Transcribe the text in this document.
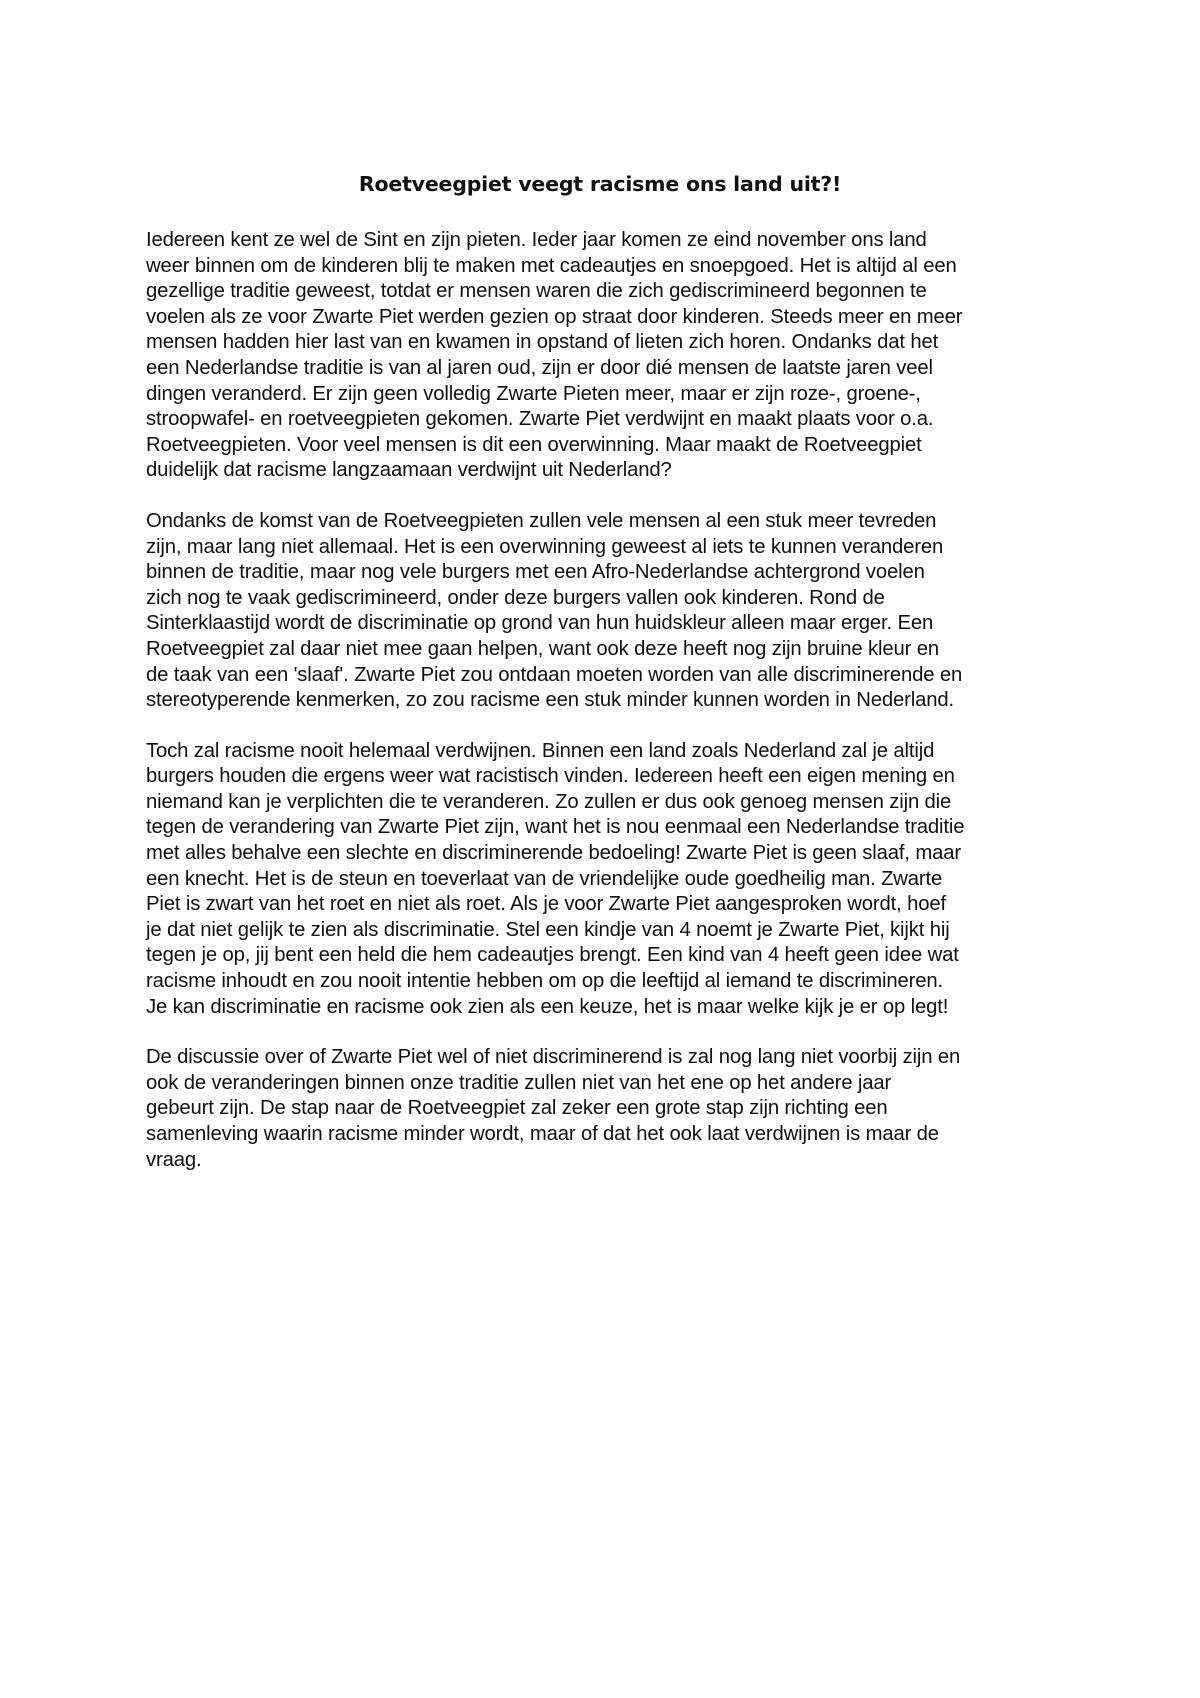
Roetveegpiet veegt racisme ons land uit?!

Iedereen kent ze wel de Sint en zijn pieten. Ieder jaar komen ze eind november ons land
weer binnen om de kinderen blij te maken met cadeautjes en snoepgoed. Het is altijd al een
gezellige traditie geweest, totdat er mensen waren die zich gediscrimineerd begonnen te
voelen als ze voor Zwarte Piet werden gezien op straat door kinderen. Steeds meer en meer
mensen hadden hier last van en kwamen in opstand of lieten zich horen. Ondanks dat het
een Nederlandse traditie is van al jaren oud, zijn er door dié mensen de laatste jaren veel
dingen veranderd. Er zijn geen volledig Zwarte Pieten meer, maar er zijn roze-, groene-,
stroopwafel- en roetveegpieten gekomen. Zwarte Piet verdwijnt en maakt plaats voor o.a.
Roetveegpieten. Voor veel mensen is dit een overwinning. Maar maakt de Roetveegpiet
duidelijk dat racisme langzaamaan verdwijnt uit Nederland?

Ondanks de komst van de Roetveegpieten zullen vele mensen al een stuk meer tevreden
zijn, maar lang niet allemaal. Het is een overwinning geweest al iets te kunnen veranderen
binnen de traditie, maar nog vele burgers met een Afro-Nederlandse achtergrond voelen
zich nog te vaak gediscrimineerd, onder deze burgers vallen ook kinderen. Rond de
Sinterklaastijd wordt de discriminatie op grond van hun huidskleur alleen maar erger. Een
Roetveegpiet zal daar niet mee gaan helpen, want ook deze heeft nog zijn bruine kleur en
de taak van een 'slaaf'. Zwarte Piet zou ontdaan moeten worden van alle discriminerende en
stereotyperende kenmerken, zo zou racisme een stuk minder kunnen worden in Nederland.

Toch zal racisme nooit helemaal verdwijnen. Binnen een land zoals Nederland zal je altijd
burgers houden die ergens weer wat racistisch vinden. Iedereen heeft een eigen mening en
niemand kan je verplichten die te veranderen. Zo zullen er dus ook genoeg mensen zijn die
tegen de verandering van Zwarte Piet zijn, want het is nou eenmaal een Nederlandse traditie
met alles behalve een slechte en discriminerende bedoeling! Zwarte Piet is geen slaaf, maar
een knecht. Het is de steun en toeverlaat van de vriendelijke oude goedheilig man. Zwarte
Piet is zwart van het roet en niet als roet. Als je voor Zwarte Piet aangesproken wordt, hoef
je dat niet gelijk te zien als discriminatie. Stel een kindje van 4 noemt je Zwarte Piet, kijkt hij
tegen je op, jij bent een held die hem cadeautjes brengt. Een kind van 4 heeft geen idee wat
racisme inhoudt en zou nooit intentie hebben om op die leeftijd al iemand te discrimineren.
Je kan discriminatie en racisme ook zien als een keuze, het is maar welke kijk je er op legt!

De discussie over of Zwarte Piet wel of niet discriminerend is zal nog lang niet voorbij zijn en
ook de veranderingen binnen onze traditie zullen niet van het ene op het andere jaar
gebeurt zijn. De stap naar de Roetveegpiet zal zeker een grote stap zijn richting een
samenleving waarin racisme minder wordt, maar of dat het ook laat verdwijnen is maar de
vraag.
